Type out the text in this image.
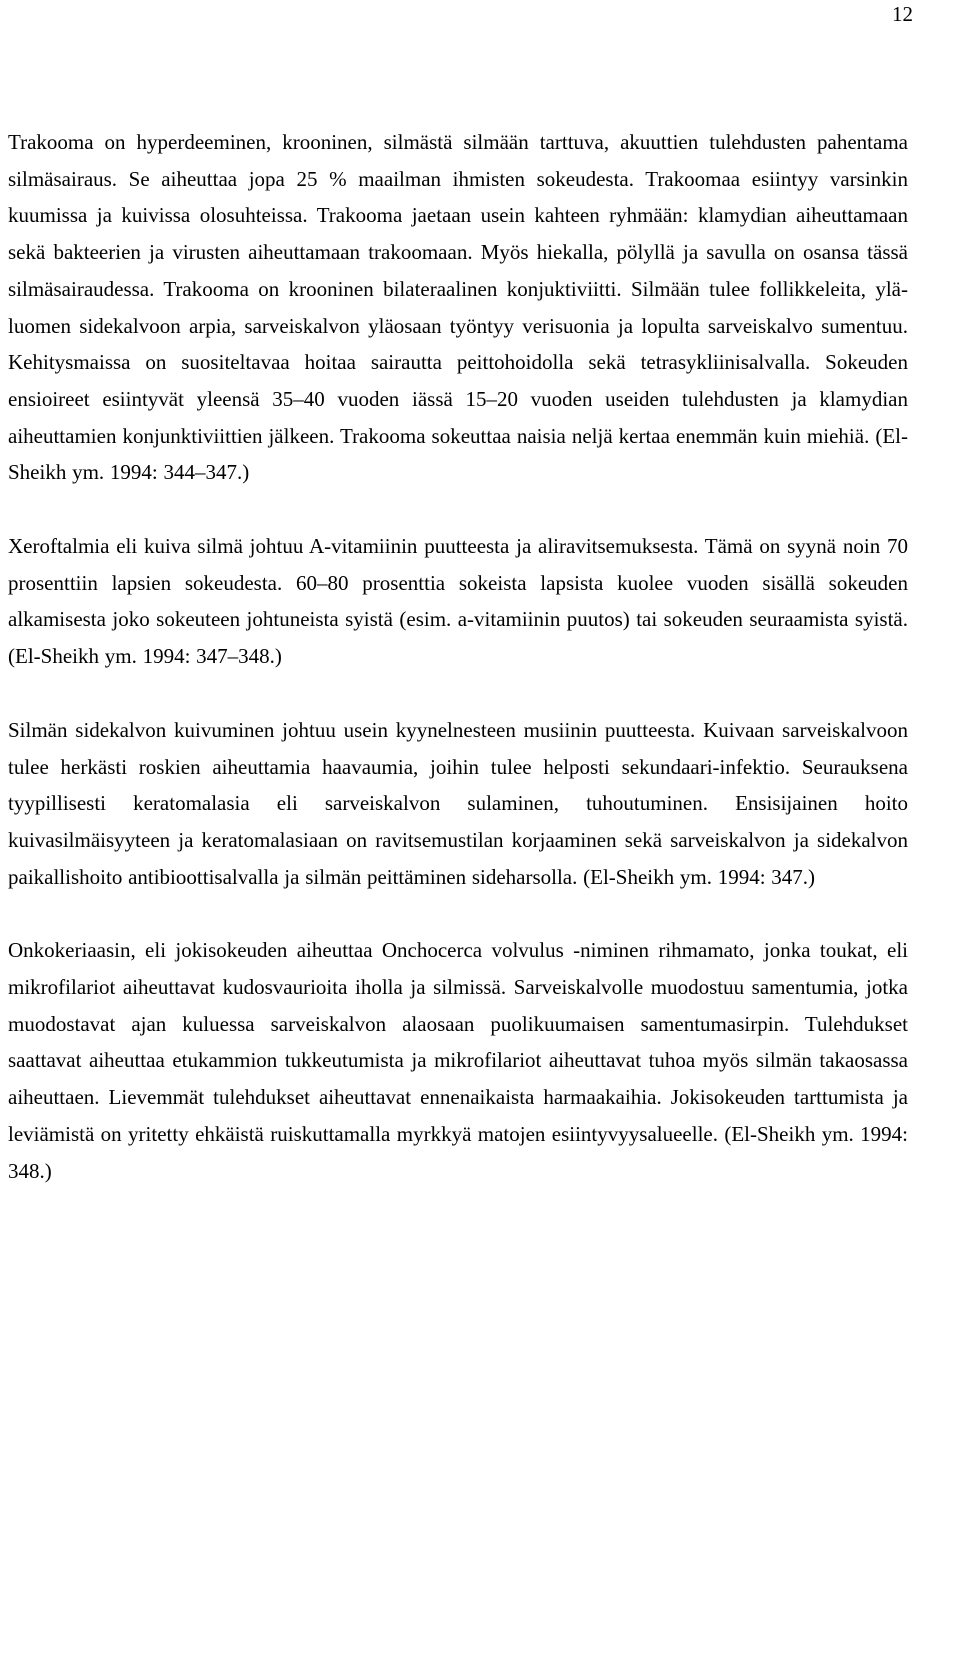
12

Trakooma on hyperdeeminen, krooninen, silmästä silmään tarttuva, akuuttien tulehdusten pahentama silmäsairaus. Se aiheuttaa jopa 25 % maailman ihmisten sokeudesta. Trakoomaa esiintyy varsinkin kuumissa ja kuivissa olosuhteissa. Trakooma jaetaan usein kahteen ryhmään: klamydian aiheuttamaan sekä bakteerien ja virusten aiheuttamaan trakoomaan. Myös hiekalla, pölyllä ja savulla on osansa tässä silmäsairaudessa. Trakooma on krooninen bilateraalinen konjuktiviitti. Silmään tulee follikkeleita, yläluomen sidekalvoon arpia, sarveiskalvon yläosaan työntyy verisuonia ja lopulta sarveiskalvo sumentuu. Kehitysmaissa on suositeltavaa hoitaa sairautta peittohoidolla sekä tetrasykliinisalvalla. Sokeuden ensioireet esiintyvät yleensä 35–40 vuoden iässä 15–20 vuoden useiden tulehdusten ja klamydian aiheuttamien konjunktiviittien jälkeen. Trakooma sokeuttaa naisia neljä kertaa enemmän kuin miehiä. (El-Sheikh ym. 1994: 344–347.)

Xeroftalmia eli kuiva silmä johtuu A-vitamiinin puutteesta ja aliravitsemuksesta. Tämä on syynä noin 70 prosenttiin lapsien sokeudesta. 60–80 prosenttia sokeista lapsista kuolee vuoden sisällä sokeuden alkamisesta joko sokeuteen johtuneista syistä (esim. a-vitamiinin puutos) tai sokeuden seuraamista syistä. (El-Sheikh ym. 1994: 347–348.)

Silmän sidekalvon kuivuminen johtuu usein kyynelnesteen musiinin puutteesta. Kuivaan sarveiskalvoon tulee herkästi roskien aiheuttamia haavaumia, joihin tulee helposti sekundaari-infektio. Seurauksena tyypillisesti keratomalasia eli sarveiskalvon sulaminen, tuhoutuminen. Ensisijainen hoito kuivasilmäisyyteen ja keratomalasiaan on ravitsemustilan korjaaminen sekä sarveiskalvon ja sidekalvon paikallishoito antibioottisalvalla ja silmän peittäminen sideharsolla. (El-Sheikh ym. 1994: 347.)

Onkokeriaasin, eli jokisokeuden aiheuttaa Onchocerca volvulus -niminen rihmamato, jonka toukat, eli mikrofilariot aiheuttavat kudosvaurioita iholla ja silmissä. Sarveiskalvolle muodostuu samentumia, jotka muodostavat ajan kuluessa sarveiskalvon alaosaan puolikuumaisen samentumasirpin. Tulehdukset saattavat aiheuttaa etukammion tukkeutumista ja mikrofilariot aiheuttavat tuhoa myös silmän takaosassa aiheuttaen. Lievemmät tulehdukset aiheuttavat ennenaikaista harmaakaihia. Jokisokeuden tarttumista ja leviämistä on yritetty ehkäistä ruiskuttamalla myrkkyä matojen esiintyvyysalueelle. (El-Sheikh ym. 1994: 348.)
